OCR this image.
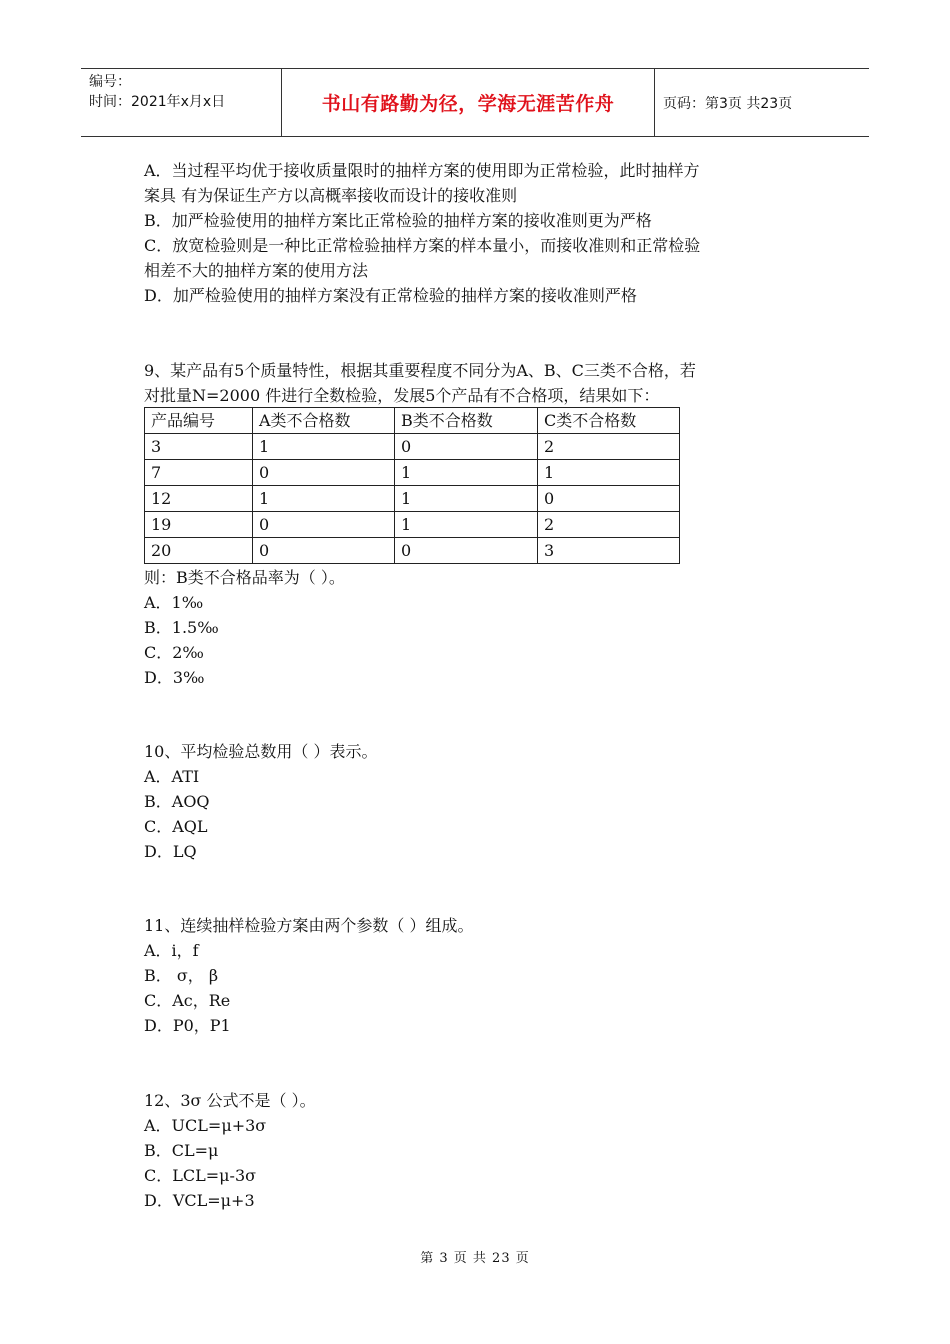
编号：
时间：2021年x月x日	书山有路勤为径，学海无涯苦作舟	页码：第3页 共23页
A．当过程平均优于接收质量限时的抽样方案的使用即为正常检验，此时抽样方
案具 有为保证生产方以高概率接收而设计的接收准则
B．加严检验使用的抽样方案比正常检验的抽样方案的接收准则更为严格
C．放宽检验则是一种比正常检验抽样方案的样本量小，而接收准则和正常检验
相差不大的抽样方案的使用方法
D．加严检验使用的抽样方案没有正常检验的抽样方案的接收准则严格
9、某产品有5个质量特性，根据其重要程度不同分为A、B、C三类不合格，若
对批量N=2000 件进行全数检验，发展5个产品有不合格项，结果如下：
则：B类不合格品率为（ ）。
A．1‰
B．1.5‰
C．2‰
D．3‰
10、平均检验总数用（ ）表示。
A．ATI
B．AOQ
C．AQL
D．LQ
11、连续抽样检验方案由两个参数（ ）组成。
A．i，f
B． σ， β
C．Ac，Re
D．P0，P1
12、3σ 公式不是（ ）。
A．UCL=μ+3σ
B．CL=μ
C．LCL=μ-3σ
D．VCL=μ+3
产品编号	A类不合格数	B类不合格数	C类不合格数
3	1	0	2
7	0	1	1
12	1	1	0
19	0	1	2
20	0	0	3
第 3 页 共 23 页
